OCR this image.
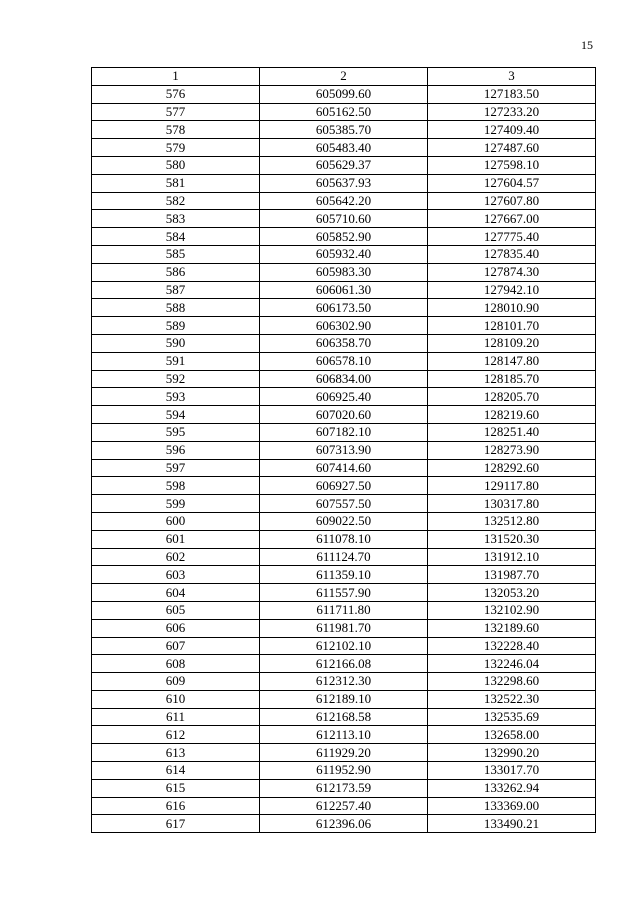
15
1	2	3
576	605099.60	127183.50
577	605162.50	127233.20
578	605385.70	127409.40
579	605483.40	127487.60
580	605629.37	127598.10
581	605637.93	127604.57
582	605642.20	127607.80
583	605710.60	127667.00
584	605852.90	127775.40
585	605932.40	127835.40
586	605983.30	127874.30
587	606061.30	127942.10
588	606173.50	128010.90
589	606302.90	128101.70
590	606358.70	128109.20
591	606578.10	128147.80
592	606834.00	128185.70
593	606925.40	128205.70
594	607020.60	128219.60
595	607182.10	128251.40
596	607313.90	128273.90
597	607414.60	128292.60
598	606927.50	129117.80
599	607557.50	130317.80
600	609022.50	132512.80
601	611078.10	131520.30
602	611124.70	131912.10
603	611359.10	131987.70
604	611557.90	132053.20
605	611711.80	132102.90
606	611981.70	132189.60
607	612102.10	132228.40
608	612166.08	132246.04
609	612312.30	132298.60
610	612189.10	132522.30
611	612168.58	132535.69
612	612113.10	132658.00
613	611929.20	132990.20
614	611952.90	133017.70
615	612173.59	133262.94
616	612257.40	133369.00
617	612396.06	133490.21
